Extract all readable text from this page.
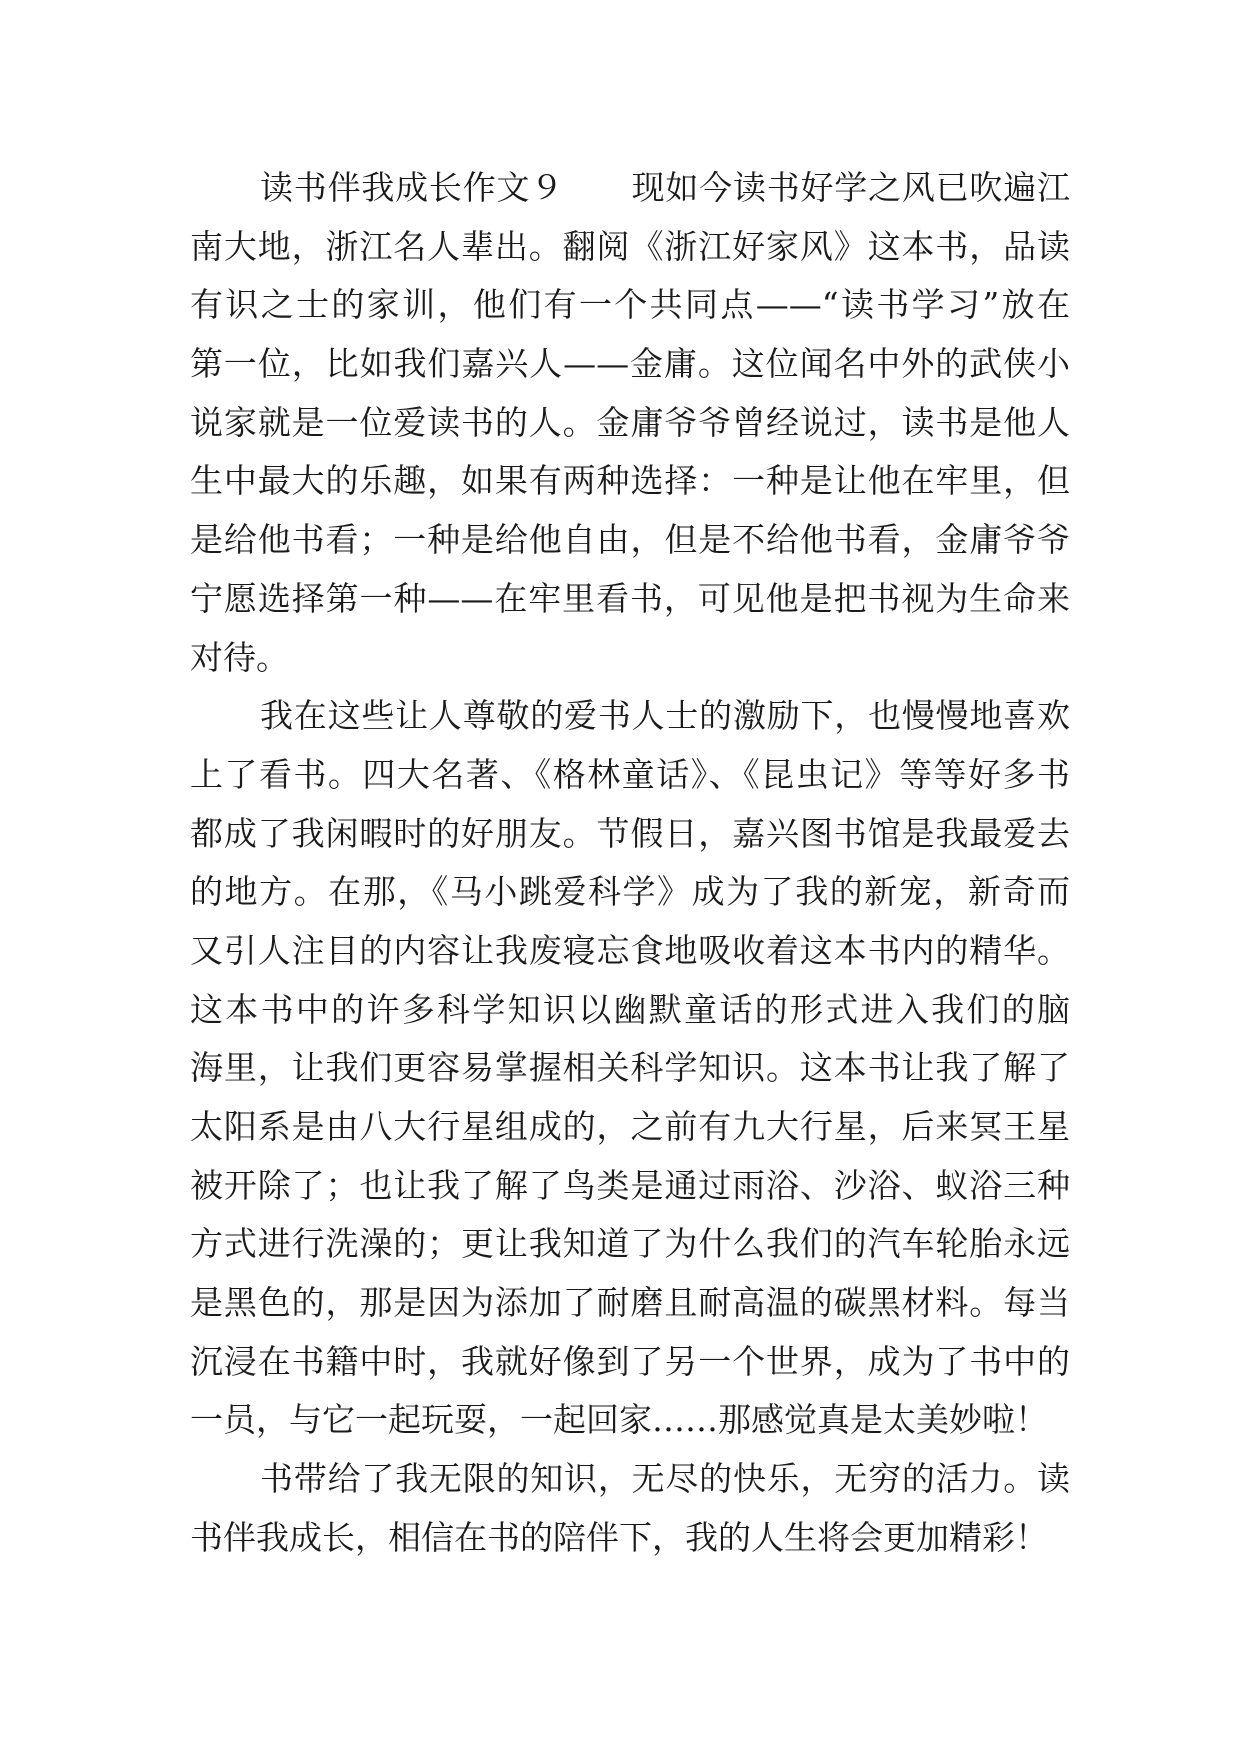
读书伴我成长作文９　　现如今读书好学之风已吹遍江
南大地，浙江名人辈出。翻阅《浙江好家风》这本书，品读
有识之士的家训，他们有一个共同点——“读书学习”放在
第一位，比如我们嘉兴人——金庸。这位闻名中外的武侠小
说家就是一位爱读书的人。金庸爷爷曾经说过，读书是他人
生中最大的乐趣，如果有两种选择：一种是让他在牢里，但
是给他书看；一种是给他自由，但是不给他书看，金庸爷爷
宁愿选择第一种——在牢里看书，可见他是把书视为生命来
对待。
我在这些让人尊敬的爱书人士的激励下，也慢慢地喜欢
上了看书。四大名著、《格林童话》、《昆虫记》等等好多书
都成了我闲暇时的好朋友。节假日，嘉兴图书馆是我最爱去
的地方。在那，《马小跳爱科学》成为了我的新宠，新奇而
又引人注目的内容让我废寝忘食地吸收着这本书内的精华。
这本书中的许多科学知识以幽默童话的形式进入我们的脑
海里，让我们更容易掌握相关科学知识。这本书让我了解了
太阳系是由八大行星组成的，之前有九大行星，后来冥王星
被开除了；也让我了解了鸟类是通过雨浴、沙浴、蚁浴三种
方式进行洗澡的；更让我知道了为什么我们的汽车轮胎永远
是黑色的，那是因为添加了耐磨且耐高温的碳黑材料。每当
沉浸在书籍中时，我就好像到了另一个世界，成为了书中的
一员，与它一起玩耍，一起回家……那感觉真是太美妙啦！
书带给了我无限的知识，无尽的快乐，无穷的活力。读
书伴我成长，相信在书的陪伴下，我的人生将会更加精彩！
